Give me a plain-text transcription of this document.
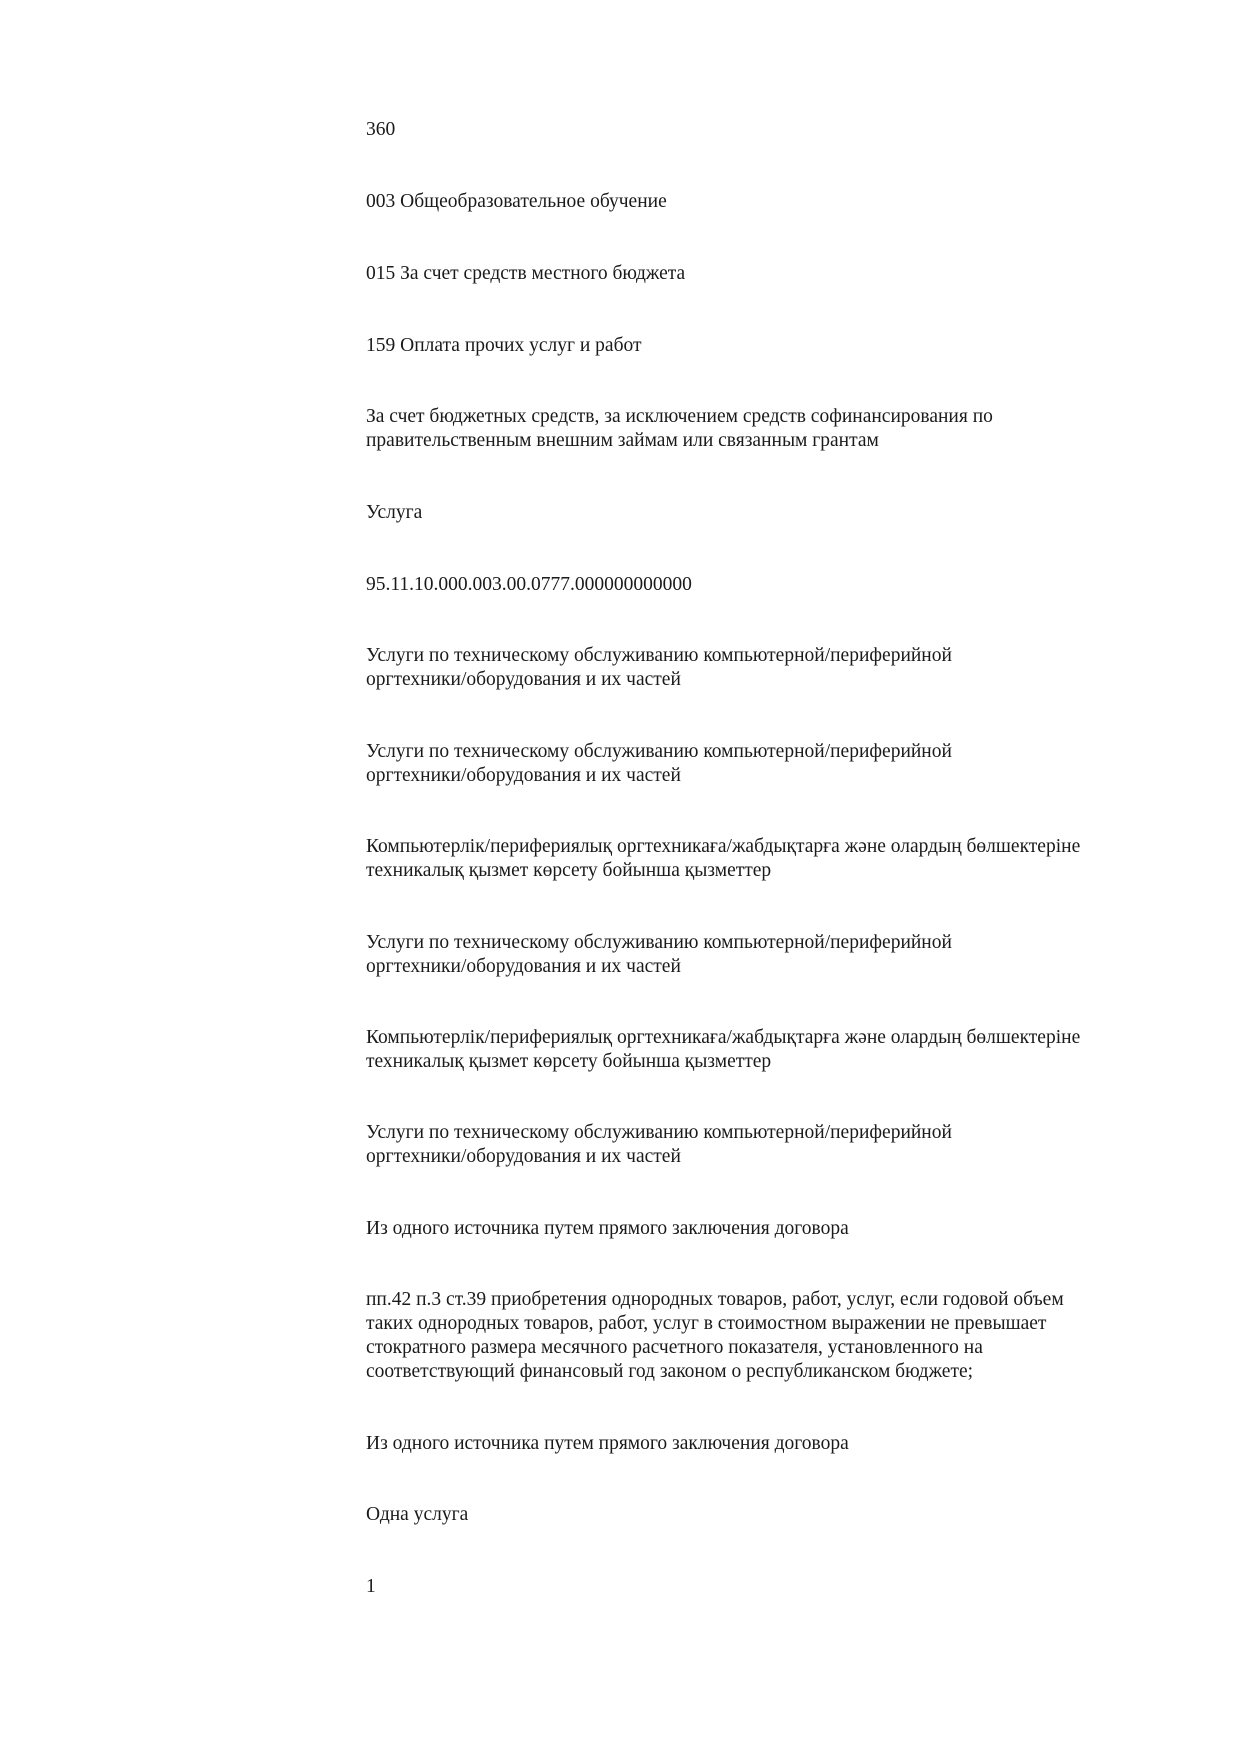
360

003 Общеобразовательное обучение

015 За счет средств местного бюджета

159 Оплата прочих услуг и работ

За счет бюджетных средств, за исключением средств софинансирования по
правительственным внешним займам или связанным грантам

Услуга

95.11.10.000.003.00.0777.000000000000

Услуги по техническому обслуживанию компьютерной/периферийной
оргтехники/оборудования и их частей

Услуги по техническому обслуживанию компьютерной/периферийной
оргтехники/оборудования и их частей

Компьютерлік/перифериялық оргтехникаға/жабдықтарға және олардың бөлшектеріне
техникалық қызмет көрсету бойынша қызметтер

Услуги по техническому обслуживанию компьютерной/периферийной
оргтехники/оборудования и их частей

Компьютерлік/перифериялық оргтехникаға/жабдықтарға және олардың бөлшектеріне
техникалық қызмет көрсету бойынша қызметтер

Услуги по техническому обслуживанию компьютерной/периферийной
оргтехники/оборудования и их частей

Из одного источника путем прямого заключения договора

пп.42 п.3 ст.39 приобретения однородных товаров, работ, услуг, если годовой объем
таких однородных товаров, работ, услуг в стоимостном выражении не превышает
стократного размера месячного расчетного показателя, установленного на
соответствующий финансовый год законом о республиканском бюджете;

Из одного источника путем прямого заключения договора

Одна услуга

1
